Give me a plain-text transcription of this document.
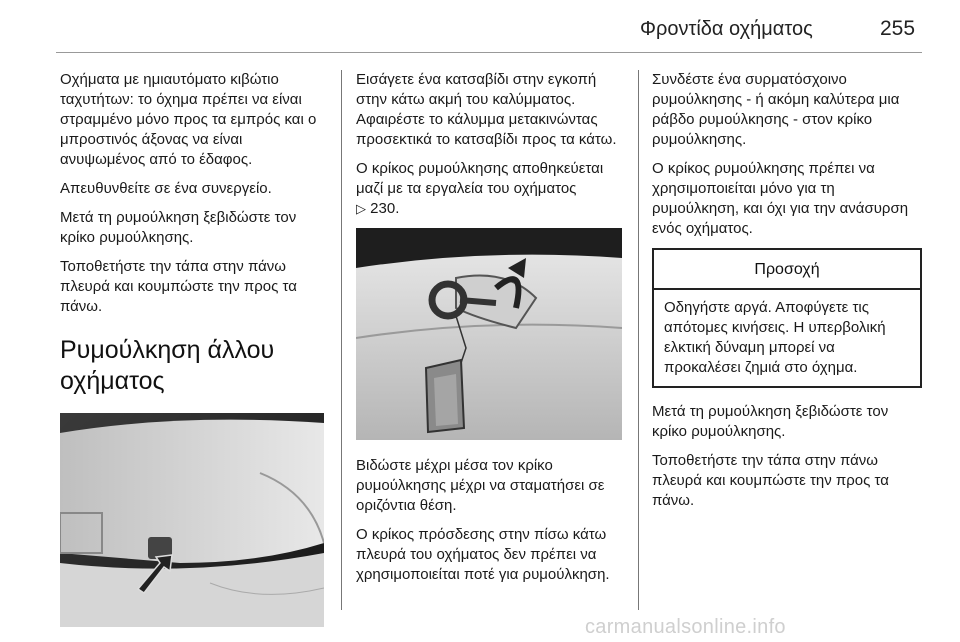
Φροντίδα οχήματος	255

Οχήματα με ημιαυτόματο κιβώτιο ταχυτήτων: το όχημα πρέπει να είναι στραμμένο μόνο προς τα εμπρός και ο μπροστινός άξονας να είναι ανυψωμένος από το έδαφος.

Απευθυνθείτε σε ένα συνεργείο.

Μετά τη ρυμούλκηση ξεβιδώστε τον κρίκο ρυμούλκησης.

Τοποθετήστε την τάπα στην πάνω πλευρά και κουμπώστε την προς τα πάνω.

Ρυμούλκηση άλλου οχήματος

Εισάγετε ένα κατσαβίδι στην εγκοπή στην κάτω ακμή του καλύμματος. Αφαιρέστε το κάλυμμα μετακινώντας προσεκτικά το κατσαβίδι προς τα κάτω.

Ο κρίκος ρυμούλκησης αποθηκεύεται μαζί με τα εργαλεία του οχήματος
▷ 230.

Βιδώστε μέχρι μέσα τον κρίκο ρυμούλκησης μέχρι να σταματήσει σε οριζόντια θέση.

Ο κρίκος πρόσδεσης στην πίσω κάτω πλευρά του οχήματος δεν πρέπει να χρησιμοποιείται ποτέ για ρυμούλκηση.

Συνδέστε ένα συρματόσχοινο ρυμούλκησης - ή ακόμη καλύτερα μια ράβδο ρυμούλκησης - στον κρίκο ρυμούλκησης.

Ο κρίκος ρυμούλκησης πρέπει να χρησιμοποιείται μόνο για τη ρυμούλκηση, και όχι για την ανάσυρση ενός οχήματος.

Προσοχή
Οδηγήστε αργά. Αποφύγετε τις απότομες κινήσεις. Η υπερβολική ελκτική δύναμη μπορεί να προκαλέσει ζημιά στο όχημα.

Μετά τη ρυμούλκηση ξεβιδώστε τον κρίκο ρυμούλκησης.

Τοποθετήστε την τάπα στην πάνω πλευρά και κουμπώστε την προς τα πάνω.

carmanualsonline.info
